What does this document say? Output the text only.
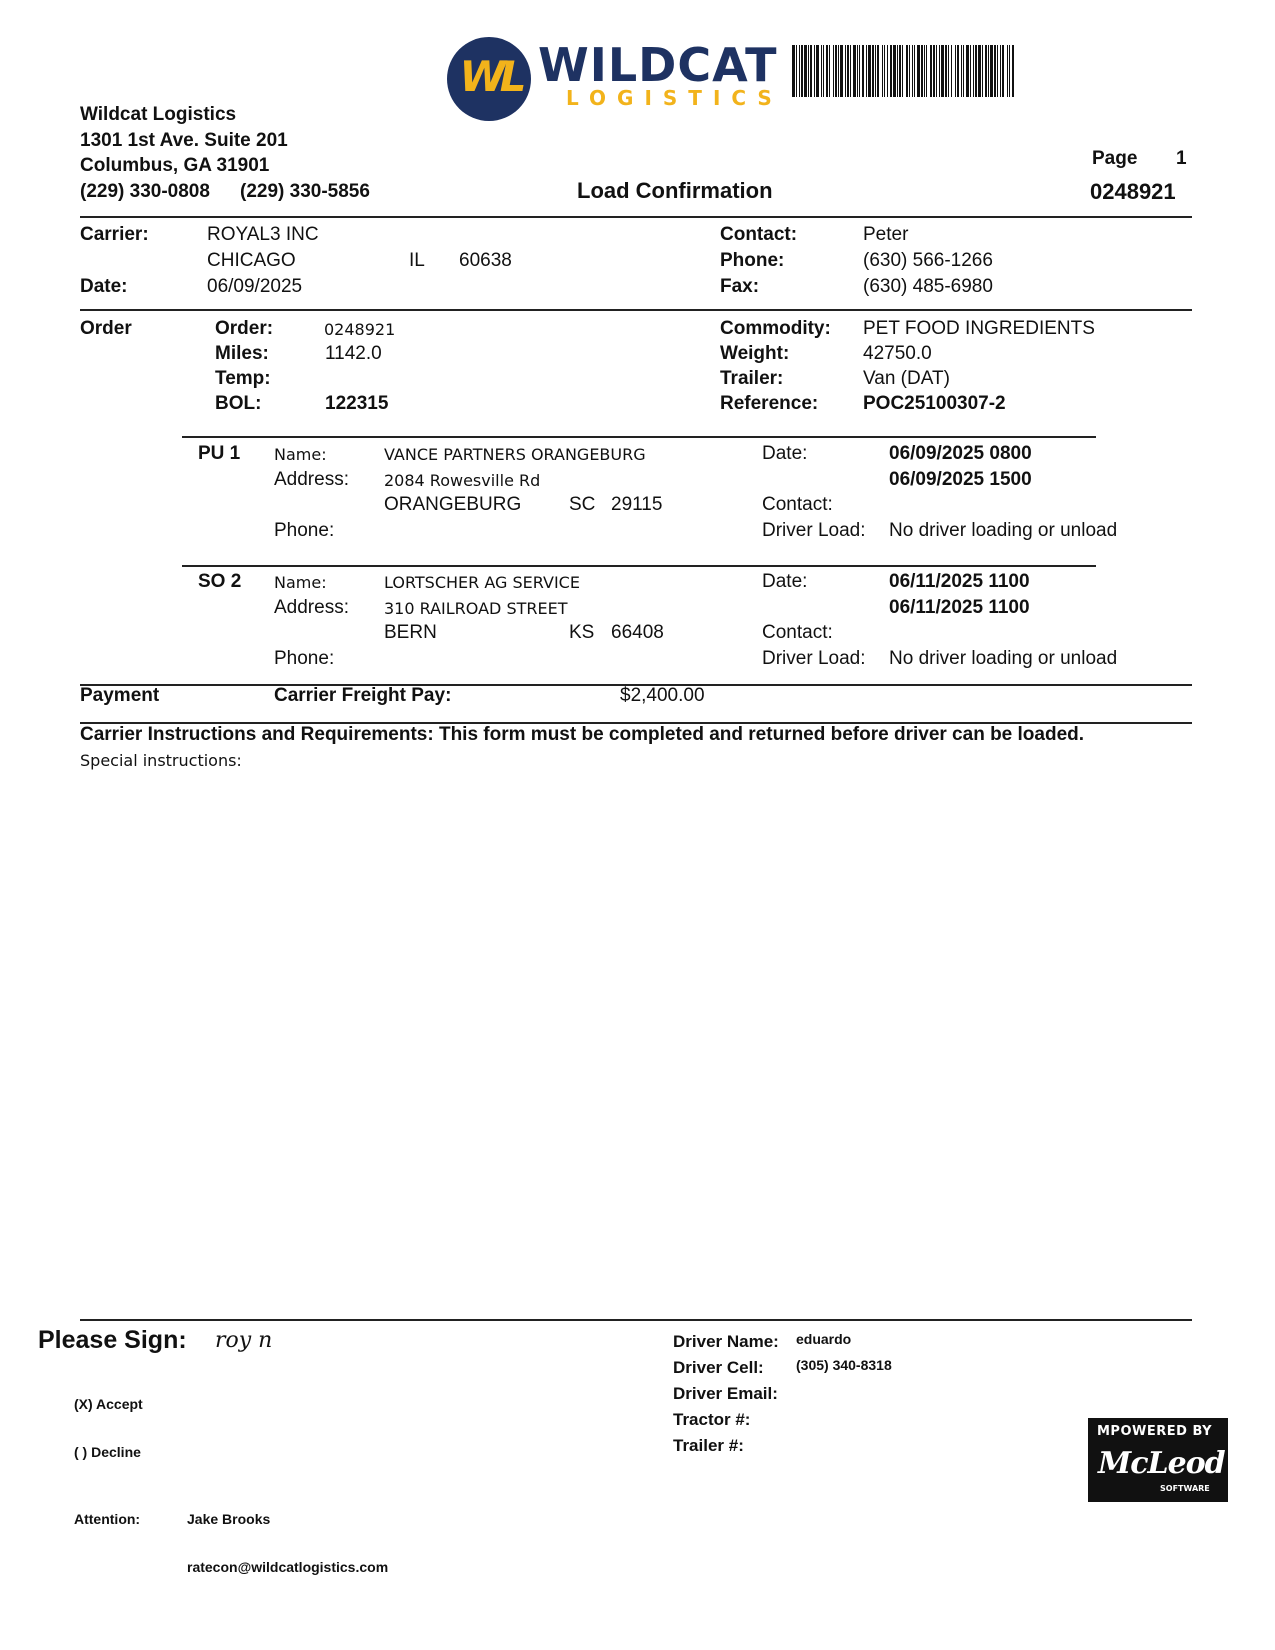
WL WILDCAT
LOGISTICS
Wildcat Logistics
1301 1st Ave. Suite 201
Columbus, GA 31901
(229) 330-0808 (229) 330-5856	Load Confirmation
Page 1
0248921
Carrier:	ROYAL3 INC
CHICAGO	IL 60638
Date:	06/09/2025
Contact:	Peter
Phone:	(630) 566-1266
Fax:	(630) 485-6980
Order	Order:	0248921
Miles:	1142.0
Temp:
BOL:	122315
Commodity: PET FOOD INGREDIENTS
Weight:	42750.0
Trailer:	Van (DAT)
Reference: POC25100307-2
PU 1 Name:	VANCE PARTNERS ORANGEBURG
Address: 2084 Rowesville Rd
ORANGEBURG	SC 29115
Phone:
Date:	06/09/2025 0800
06/09/2025 1500
Contact:
Driver Load: No driver loading or unload
SO 2 Name:	LORTSCHER AG SERVICE
Address: 310 RAILROAD STREET
BERN	KS 66408
Phone:
Date:	06/11/2025 1100
06/11/2025 1100
Contact:
Driver Load: No driver loading or unload
Payment	Carrier Freight Pay:	$2,400.00
Carrier Instructions and Requirements: This form must be completed and returned before driver can be loaded.
Special instructions:
Please Sign: roy n
(X) Accept
( ) Decline
Attention:	Jake Brooks
ratecon@wildcatlogistics.com
Driver Name: eduardo
Driver Cell: (305) 340-8318
Driver Email:
Tractor #:
Trailer #:
MPOWERED BY
McLeod
SOFTWARE
